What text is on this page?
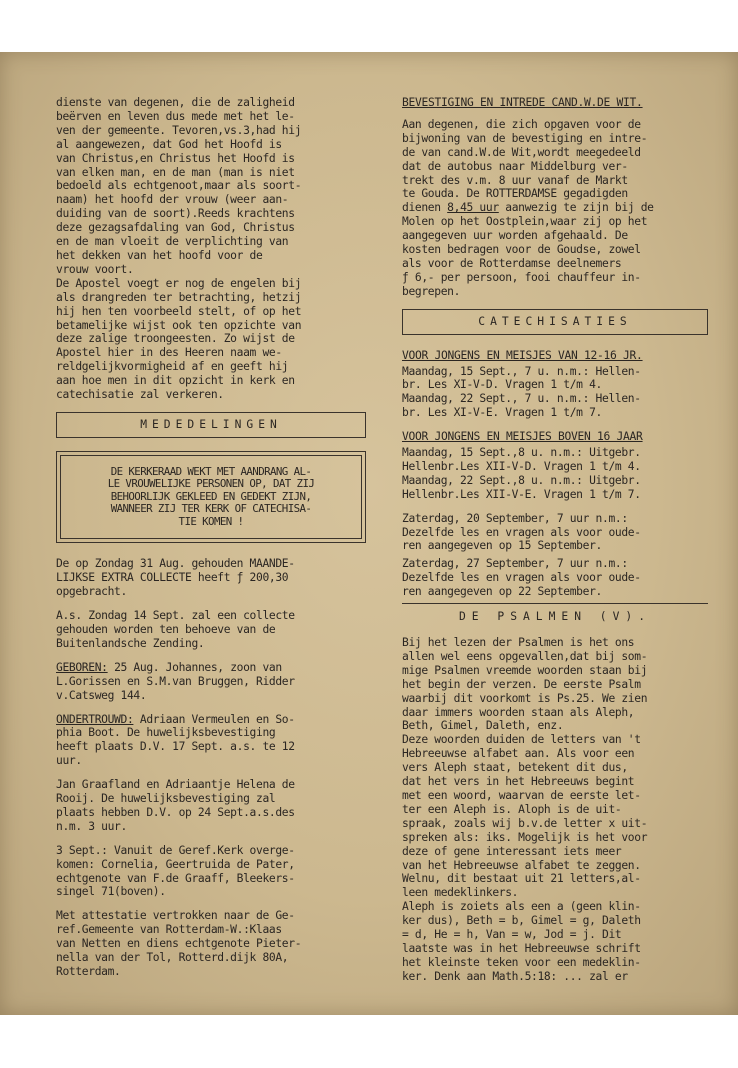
dienste van degenen, die de zaligheid
beërven en leven dus mede met het le-
ven der gemeente. Tevoren,vs.3,had hij
al aangewezen, dat God het Hoofd is
van Christus,en Christus het Hoofd is
van elken man, en de man (man is niet
bedoeld als echtgenoot,maar als soort-
naam) het hoofd der vrouw (weer aan-
duiding van de soort).Reeds krachtens
deze gezagsafdaling van God, Christus
en de man vloeit de verplichting van
het dekken van het hoofd voor de
vrouw voort.

De Apostel voegt er nog de engelen bij
als drangreden ter betrachting, hetzij
hij hen ten voorbeeld stelt, of op het
betamelijke wijst ook ten opzichte van
deze zalige troongeesten. Zo wijst de
Apostel hier in des Heeren naam we-
reldgelijkvormigheid af en geeft hij
aan hoe men in dit opzicht in kerk en
catechisatie zal verkeren.

MEDEDELINGEN
DE KERKERAAD WEKT MET AANDRANG AL-
LE VROUWELIJKE PERSONEN OP, DAT ZIJ
BEHOORLIJK GEKLEED EN GEDEKT ZIJN,
WANNEER ZIJ TER KERK OF CATECHISA-
TIE KOMEN !

De op Zondag 31 Aug. gehouden MAANDE-
LIJKSE EXTRA COLLECTE heeft ƒ 200,30
opgebracht.

A.s. Zondag 14 Sept. zal een collecte
gehouden worden ten behoeve van de
Buitenlandsche Zending.

GEBOREN: 25 Aug. Johannes, zoon van
L.Gorissen en S.M.van Bruggen, Ridder
v.Catsweg 144.

ONDERTROUWD: Adriaan Vermeulen en So-
phia Boot. De huwelijksbevestiging
heeft plaats D.V. 17 Sept. a.s. te 12
uur.

Jan Graafland en Adriaantje Helena de
Rooij. De huwelijksbevestiging zal
plaats hebben D.V. op 24 Sept.a.s.des
n.m. 3 uur.

3 Sept.: Vanuit de Geref.Kerk overge-
komen: Cornelia, Geertruida de Pater,
echtgenote van F.de Graaff, Bleekers-
singel 71(boven).

Met attestatie vertrokken naar de Ge-
ref.Gemeente van Rotterdam-W.:Klaas
van Netten en diens echtgenote Pieter-
nella van der Tol, Rotterd.dijk 80A,
Rotterdam.

BEVESTIGING EN INTREDE CAND.W.DE WIT.

Aan degenen, die zich opgaven voor de
bijwoning van de bevestiging en intre-
de van cand.W.de Wit,wordt meegedeeld
dat de autobus naar Middelburg ver-
trekt des v.m. 8 uur vanaf de Markt
te Gouda. De ROTTERDAMSE gegadigden
dienen 8,45 uur aanwezig te zijn bij de
Molen op het Oostplein,waar zij op het
aangegeven uur worden afgehaald. De
kosten bedragen voor de Goudse, zowel
als voor de Rotterdamse deelnemers
ƒ 6,- per persoon, fooi chauffeur in-
begrepen.

CATECHISATIES
VOOR JONGENS EN MEISJES VAN 12-16 JR.

Maandag, 15 Sept., 7 u. n.m.: Hellen-
br. Les XI-V-D. Vragen 1 t/m 4.
Maandag, 22 Sept., 7 u. n.m.: Hellen-
br. Les XI-V-E. Vragen 1 t/m 7.

VOOR JONGENS EN MEISJES BOVEN 16 JAAR

Maandag, 15 Sept.,8 u. n.m.: Uitgebr.
Hellenbr.Les XII-V-D. Vragen 1 t/m 4.
Maandag, 22 Sept.,8 u. n.m.: Uitgebr.
Hellenbr.Les XII-V-E. Vragen 1 t/m 7.

Zaterdag, 20 September, 7 uur n.m.:
Dezelfde les en vragen als voor oude-
ren aangegeven op 15 September.

Zaterdag, 27 September, 7 uur n.m.:
Dezelfde les en vragen als voor oude-
ren aangegeven op 22 September.

DE PSALMEN (V).

Bij het lezen der Psalmen is het ons
allen wel eens opgevallen,dat bij som-
mige Psalmen vreemde woorden staan bij
het begin der verzen. De eerste Psalm
waarbij dit voorkomt is Ps.25. We zien
daar immers woorden staan als Aleph,
Beth, Gimel, Daleth, enz.
Deze woorden duiden de letters van 't
Hebreeuwse alfabet aan. Als voor een
vers Aleph staat, betekent dit dus,
dat het vers in het Hebreeuws begint
met een woord, waarvan de eerste let-
ter een Aleph is. Aloph is de uit-
spraak, zoals wij b.v.de letter x uit-
spreken als: iks. Mogelijk is het voor
deze of gene interessant iets meer
van het Hebreeuwse alfabet te zeggen.
Welnu, dit bestaat uit 21 letters,al-
leen medeklinkers.
Aleph is zoiets als een a (geen klin-
ker dus), Beth = b, Gimel = g, Daleth
= d, He = h, Van = w, Jod = j. Dit
laatste was in het Hebreeuwse schrift
het kleinste teken voor een medeklin-
ker. Denk aan Math.5:18: ... zal er
